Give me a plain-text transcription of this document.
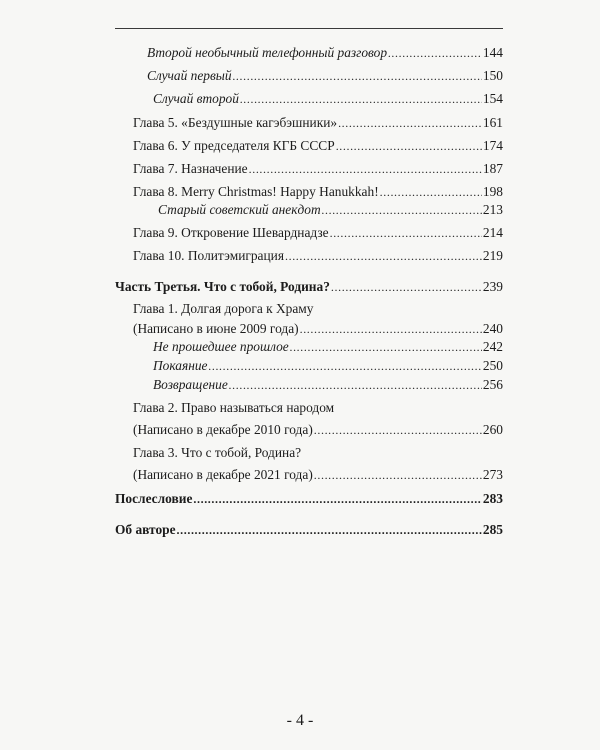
Второй необычный телефонный разговор .....	144
Случай первый .....	150
Случай второй .....	154
Глава 5. «Бездушные кагэбэшники» .....	161
Глава 6. У председателя КГБ СССР .....	174
Глава 7. Назначение .....	187
Глава 8. Merry Christmas! Happy Hanukkah! .....	198
Старый советский анекдот .....	213
Глава 9. Откровение Шеварднадзе .....	214
Глава 10. Политэмиграция .....	219
Часть Третья. Что с тобой, Родина? .....	239
Глава 1. Долгая дорога к Храму
(Написано в июне 2009 года) .....	240
Не прошедшее прошлое .....	242
Покаяние .....	250
Возвращение .....	256
Глава 2. Право называться народом
(Написано в декабре 2010 года) .....	260
Глава 3. Что с тобой, Родина?
(Написано в декабре 2021 года) .....	273
Послесловие .....	283
Об авторе .....	285
- 4 -
